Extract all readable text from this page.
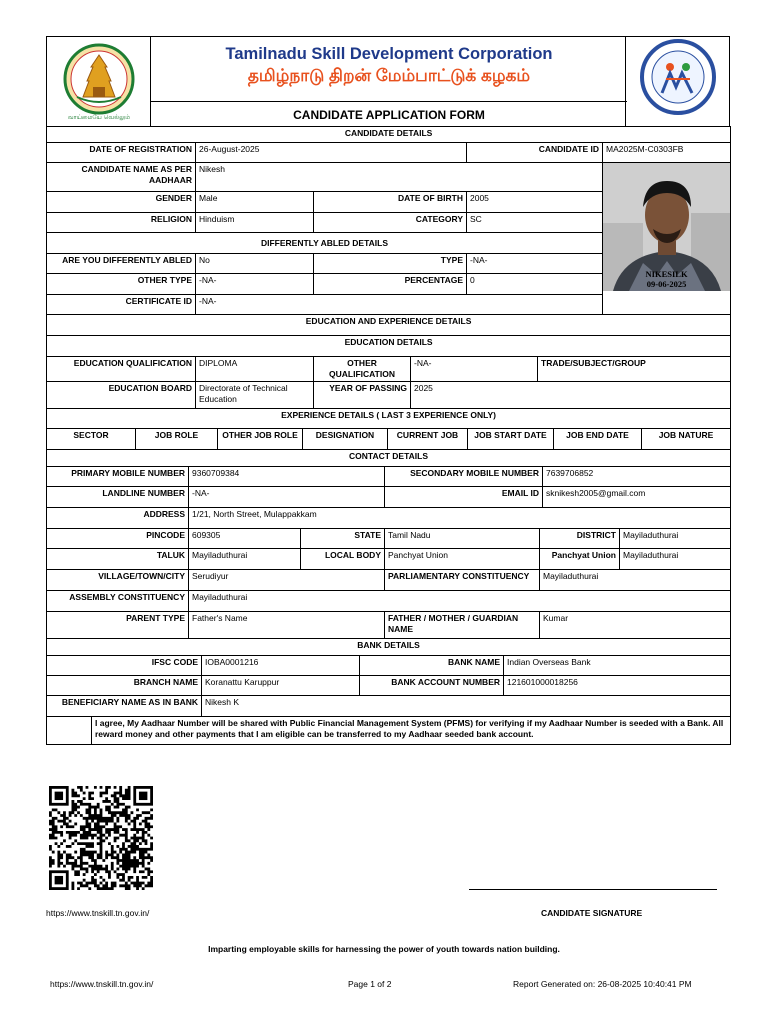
வாய்மையே வெல்லும்
Tamilnadu Skill Development Corporation
தமிழ்நாடு திறன் மேம்பாட்டுக் கழகம்
CANDIDATE APPLICATION FORM
CANDIDATE DETAILS						
DATE OF REGISTRATION	26-August-2025			CANDIDATE ID		MA2025M-C0303FB
CANDIDATE NAME AS PER AADHAAR	Nikesh					NIKESILK
09-06-2025

GENDER	Male	DATE OF BIRTH		2005		
RELIGION	Hinduism	CATEGORY		SC		
DIFFERENTLY ABLED DETAILS						
ARE YOU DIFFERENTLY ABLED	No	TYPE		-NA-		
OTHER TYPE	-NA-	PERCENTAGE		0		
CERTIFICATE ID	-NA-					
EDUCATION AND EXPERIENCE DETAILS						
EDUCATION DETAILS						
EDUCATION QUALIFICATION	DIPLOMA	OTHER QUALIFICATION	-NA-		TRADE/SUBJECT/GROUP	
EDUCATION BOARD	Directorate of Technical Education	YEAR OF PASSING	2025			
EXPERIENCE DETAILS ( LAST 3 EXPERIENCE ONLY)						
SECTOR	JOB ROLE	OTHER JOB ROLE	DESIGNATION	CURRENT JOB	JOB START DATE	JOB END DATE	JOB NATURE
CONTACT DETAILS			
PRIMARY MOBILE NUMBER	9360709384	SECONDARY MOBILE NUMBER	7639706852
LANDLINE NUMBER	-NA-	EMAIL ID	sknikesh2005@gmail.com
ADDRESS	1/21, North Street, Mulappakkam		
PINCODE	609305	STATE	Tamil Nadu	DISTRICT	Mayiladuthurai
TALUK	Mayiladuthurai	LOCAL BODY	Panchyat Union	Panchyat Union	Mayiladuthurai
VILLAGE/TOWN/CITY	Serudiyur	PARLIAMENTARY CONSTITUENCY	Mayiladuthurai
ASSEMBLY CONSTITUENCY	Mayiladuthurai		
PARENT TYPE	Father's Name	FATHER / MOTHER / GUARDIAN NAME	Kumar
BANK DETAILS			
IFSC CODE	IOBA0001216	BANK NAME	Indian Overseas Bank
BRANCH NAME	Koranattu Karuppur	BANK ACCOUNT NUMBER	121601000018256
BENEFICIARY NAME AS IN BANK	Nikesh K		
	I agree, My Aadhaar Number will be shared with Public Financial Management System (PFMS) for verifying if my Aadhaar Number is seeded with a Bank. All reward money and other payments that I am eligible can be transferred to my Aadhaar seeded bank account.
https://www.tnskill.tn.gov.in/	CANDIDATE SIGNATURE
Imparting employable skills for harnessing the power of youth towards nation building.
https://www.tnskill.tn.gov.in/	Page 1 of 2	Report Generated on: 26-08-2025 10:40:41 PM
